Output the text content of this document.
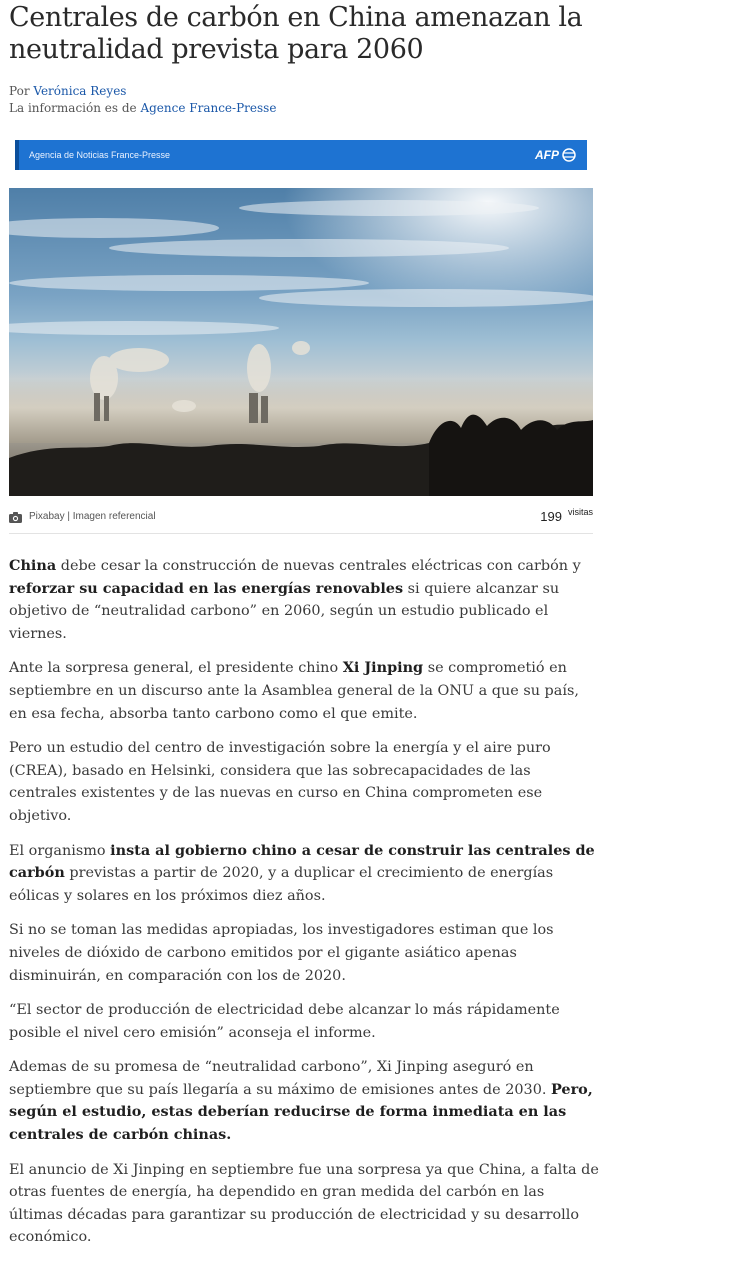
Centrales de carbón en China amenazan la neutralidad prevista para 2060
Por Verónica Reyes
La información es de Agence France-Presse
Agencia de Noticias France-Presse	AFP
Pixabay | Imagen referencial	199 $^{visitas}$

China debe cesar la construcción de nuevas centrales eléctricas con carbón y reforzar su capacidad en las energías renovables si quiere alcanzar su objetivo de “neutralidad carbono” en 2060, según un estudio publicado el viernes.

Ante la sorpresa general, el presidente chino Xi Jinping se comprometió en septiembre en un discurso ante la Asamblea general de la ONU a que su país, en esa fecha, absorba tanto carbono como el que emite.

Pero un estudio del centro de investigación sobre la energía y el aire puro (CREA), basado en Helsinki, considera que las sobrecapacidades de las centrales existentes y de las nuevas en curso en China comprometen ese objetivo.

El organismo insta al gobierno chino a cesar de construir las centrales de carbón previstas a partir de 2020, y a duplicar el crecimiento de energías eólicas y solares en los próximos diez años.

Si no se toman las medidas apropiadas, los investigadores estiman que los niveles de dióxido de carbono emitidos por el gigante asiático apenas disminuirán, en comparación con los de 2020.

“El sector de producción de electricidad debe alcanzar lo más rápidamente posible el nivel cero emisión” aconseja el informe.

Ademas de su promesa de “neutralidad carbono”, Xi Jinping aseguró en septiembre que su país llegaría a su máximo de emisiones antes de 2030. Pero, según el estudio, estas deberían reducirse de forma inmediata en las centrales de carbón chinas.

El anuncio de Xi Jinping en septiembre fue una sorpresa ya que China, a falta de otras fuentes de energía, ha dependido en gran medida del carbón en las últimas décadas para garantizar su producción de electricidad y su desarrollo económico.
